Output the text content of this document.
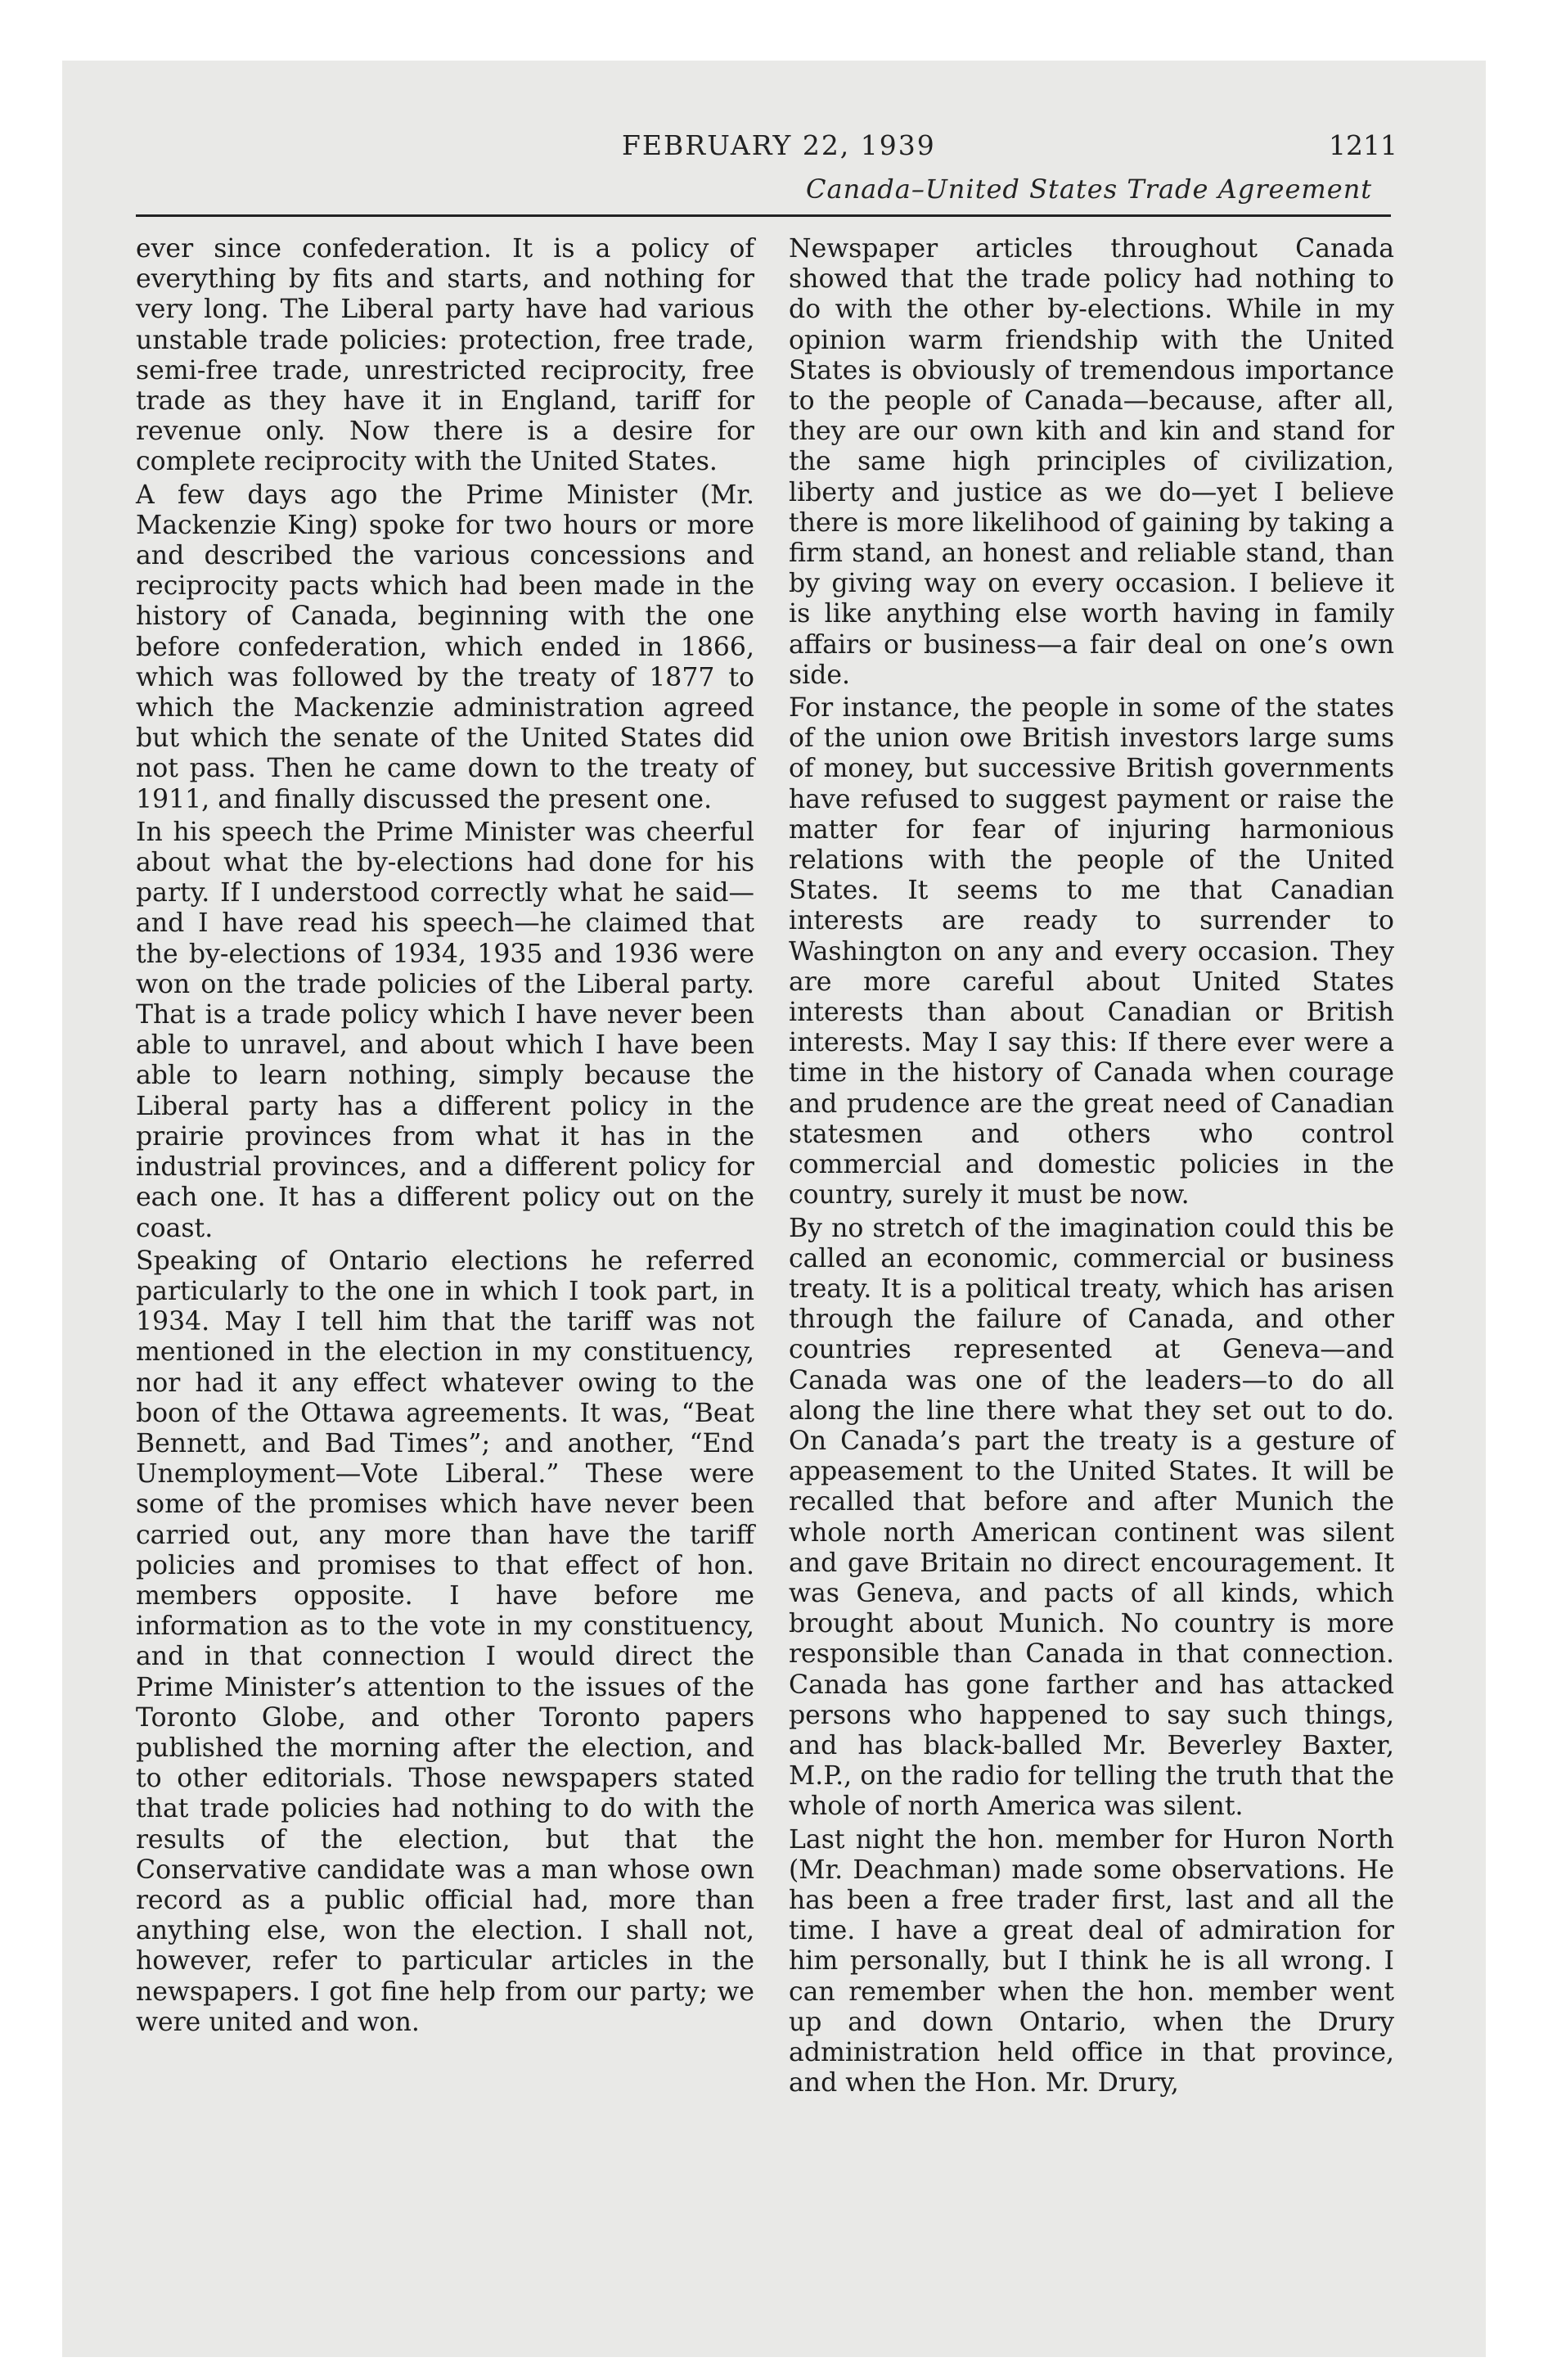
FEBRUARY 22, 1939	1211
Canada–United States Trade Agreement

ever since confederation. It is a policy of everything by fits and starts, and nothing for very long. The Liberal party have had various unstable trade policies: protection, free trade, semi-free trade, unrestricted reciprocity, free trade as they have it in England, tariff for revenue only. Now there is a desire for complete reciprocity with the United States.

A few days ago the Prime Minister (Mr. Mackenzie King) spoke for two hours or more and described the various concessions and reciprocity pacts which had been made in the history of Canada, beginning with the one before confederation, which ended in 1866, which was followed by the treaty of 1877 to which the Mackenzie administration agreed but which the senate of the United States did not pass. Then he came down to the treaty of 1911, and finally discussed the present one.

In his speech the Prime Minister was cheerful about what the by-elections had done for his party. If I understood correctly what he said—and I have read his speech—he claimed that the by-elections of 1934, 1935 and 1936 were won on the trade policies of the Liberal party. That is a trade policy which I have never been able to unravel, and about which I have been able to learn nothing, simply because the Liberal party has a different policy in the prairie provinces from what it has in the industrial provinces, and a different policy for each one. It has a different policy out on the coast.

Speaking of Ontario elections he referred particularly to the one in which I took part, in 1934. May I tell him that the tariff was not mentioned in the election in my constituency, nor had it any effect whatever owing to the boon of the Ottawa agreements. It was, “Beat Bennett, and Bad Times”; and another, “End Unemployment—Vote Liberal.” These were some of the promises which have never been carried out, any more than have the tariff policies and promises to that effect of hon. members opposite. I have before me information as to the vote in my constituency, and in that connection I would direct the Prime Minister’s attention to the issues of the Toronto Globe, and other Toronto papers published the morning after the election, and to other editorials. Those newspapers stated that trade policies had nothing to do with the results of the election, but that the Conservative candidate was a man whose own record as a public official had, more than anything else, won the election. I shall not, however, refer to particular articles in the newspapers. I got fine help from our party; we were united and won.

Newspaper articles throughout Canada showed that the trade policy had nothing to do with the other by-elections. While in my opinion warm friendship with the United States is obviously of tremendous importance to the people of Canada—because, after all, they are our own kith and kin and stand for the same high principles of civilization, liberty and justice as we do—yet I believe there is more likelihood of gaining by taking a firm stand, an honest and reliable stand, than by giving way on every occasion. I believe it is like anything else worth having in family affairs or business—a fair deal on one’s own side.

For instance, the people in some of the states of the union owe British investors large sums of money, but successive British governments have refused to suggest payment or raise the matter for fear of injuring harmonious relations with the people of the United States. It seems to me that Canadian interests are ready to surrender to Washington on any and every occasion. They are more careful about United States interests than about Canadian or British interests. May I say this: If there ever were a time in the history of Canada when courage and prudence are the great need of Canadian statesmen and others who control commercial and domestic policies in the country, surely it must be now.

By no stretch of the imagination could this be called an economic, commercial or business treaty. It is a political treaty, which has arisen through the failure of Canada, and other countries represented at Geneva—and Canada was one of the leaders—to do all along the line there what they set out to do. On Canada’s part the treaty is a gesture of appeasement to the United States. It will be recalled that before and after Munich the whole north American continent was silent and gave Britain no direct encouragement. It was Geneva, and pacts of all kinds, which brought about Munich. No country is more responsible than Canada in that connection. Canada has gone farther and has attacked persons who happened to say such things, and has black-balled Mr. Beverley Baxter, M.P., on the radio for telling the truth that the whole of north America was silent.

Last night the hon. member for Huron North (Mr. Deachman) made some observations. He has been a free trader first, last and all the time. I have a great deal of admiration for him personally, but I think he is all wrong. I can remember when the hon. member went up and down Ontario, when the Drury administration held office in that province, and when the Hon. Mr. Drury,
